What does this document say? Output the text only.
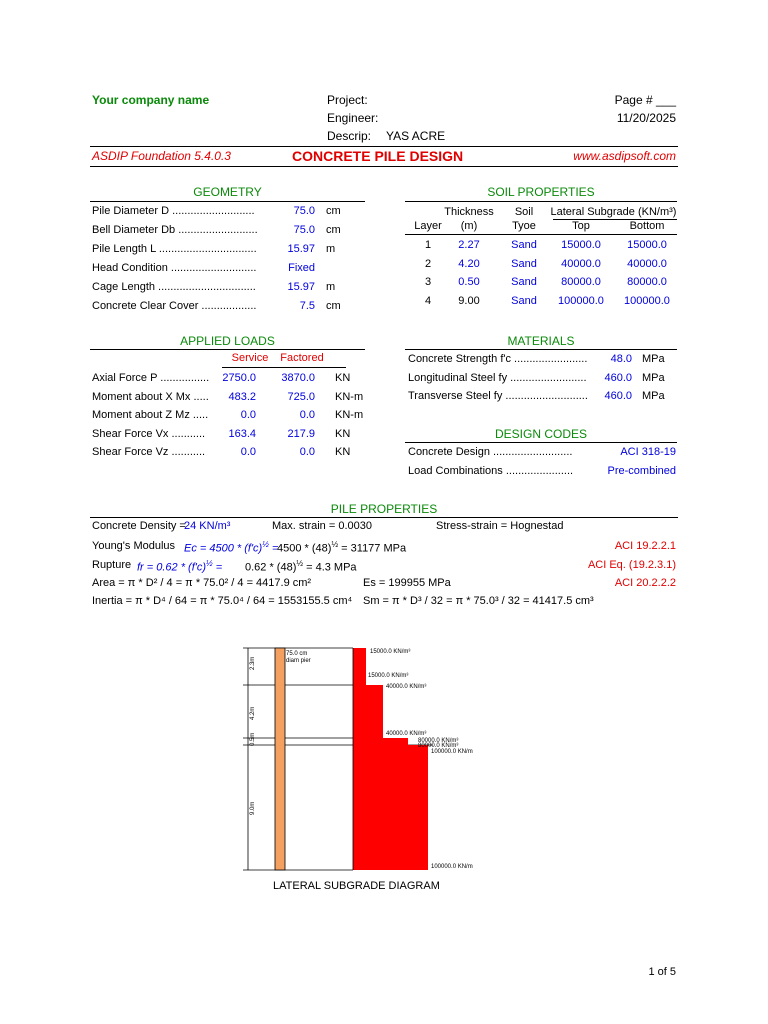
Your company name	Project:
Engineer:
Descrip: YAS ACRE
Page # ___
11/20/2025
ASDIP Foundation 5.4.0.3	CONCRETE PILE DESIGN	www.asdipsoft.com
GEOMETRY
Pile Diameter D ...........................	75.0 cm
Bell Diameter Db ..........................	75.0 cm
Pile Length L ................................	15.97 m
Head Condition ............................	Fixed
Cage Length ................................	15.97 m
Concrete Clear Cover ..................	7.5 cm
SOIL PROPERTIES
Thickness	Soil	Lateral Subgrade (KN/m³)
Layer	(m)	Tyoe	Top	Bottom
1	2.27	Sand	15000.0	15000.0
2	4.20	Sand	40000.0	40000.0
3	0.50	Sand	80000.0	80000.0
4	9.00	Sand	100000.0	100000.0
APPLIED LOADS
Service	Factored
Axial Force P ................	2750.0	3870.0 KN
Moment about X Mx .....	483.2	725.0 KN-m
Moment about Z Mz .....	0.0	0.0 KN-m
Shear Force Vx ...........	163.4	217.9 KN
Shear Force Vz ...........	0.0	0.0 KN
MATERIALS
Concrete Strength f'c ........................	48.0 MPa
Longitudinal Steel fy .........................	460.0 MPa
Transverse Steel fy ...........................	460.0 MPa
DESIGN CODES
Concrete Design ..........................	ACI 318-19
Load Combinations ......................	Pre-combined
PILE PROPERTIES
Concrete Density =
24 KN/m³	Max. strain = 0.0030	Stress-strain = Hognestad
Young's Modulus $Ec = 4500 * (f'c)^{\frac{1}{2}}$ =
$4500 * (48)^{\frac{1}{2}} = 31177$ MPa	ACI 19.2.2.1
Rupture fr = $0.62 * (f'c)^{\frac{1}{2}} = 0.62 * (48)^{\frac{1}{2}} = 4.3$ MPa	ACI Eq. (19.2.3.1)
Area = π * D² / 4 = π * 75.0² / 4 = 4417.9 cm²	Es = 199955 MPa	ACI 20.2.2.2
Inertia = π * D⁴ / 64 = π * 75.0⁴ / 64 = 1553155.5 cm⁴ Sm = π * D³ / 32 = π * 75.0³ / 32 = 41417.5 cm³
75.0 cm
diam pier
2.3m
4.2m
0.5m
9.0m
15000.0 KN/m³
15000.0 KN/m³
40000.0 KN/m³
40000.0 KN/m³
80000.0 KN/m³
80000.0 KN/m³
100000.0 KN/m
100000.0 KN/m
LATERAL SUBGRADE DIAGRAM
1 of 5
